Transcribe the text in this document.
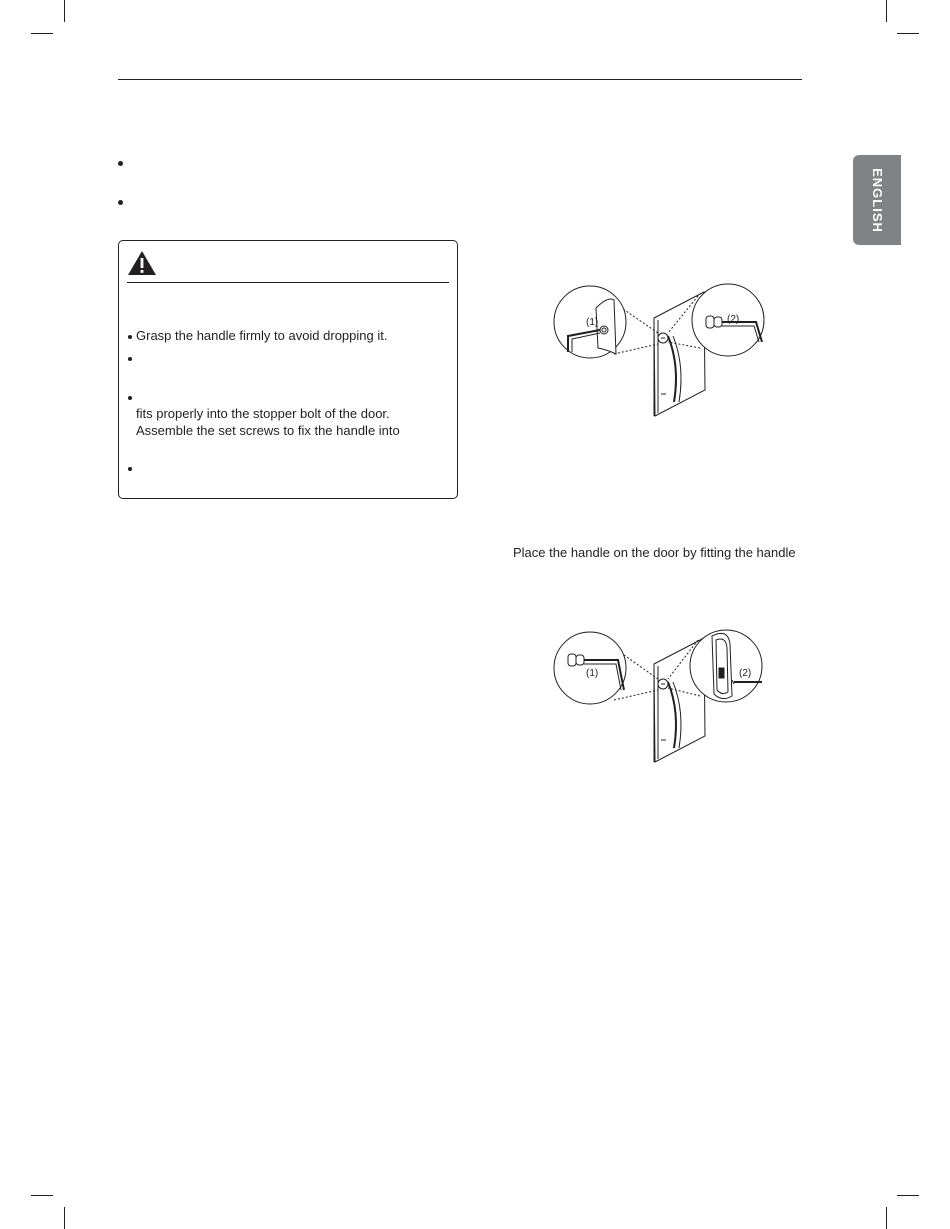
ENGLISH
Grasp the handle firmly to avoid dropping it.
fits properly into the stopper bolt of the door.
Assemble the set screws to fix the handle into
Place the handle on the door by fitting the handle
(1)	(2)
(1)	(2)
